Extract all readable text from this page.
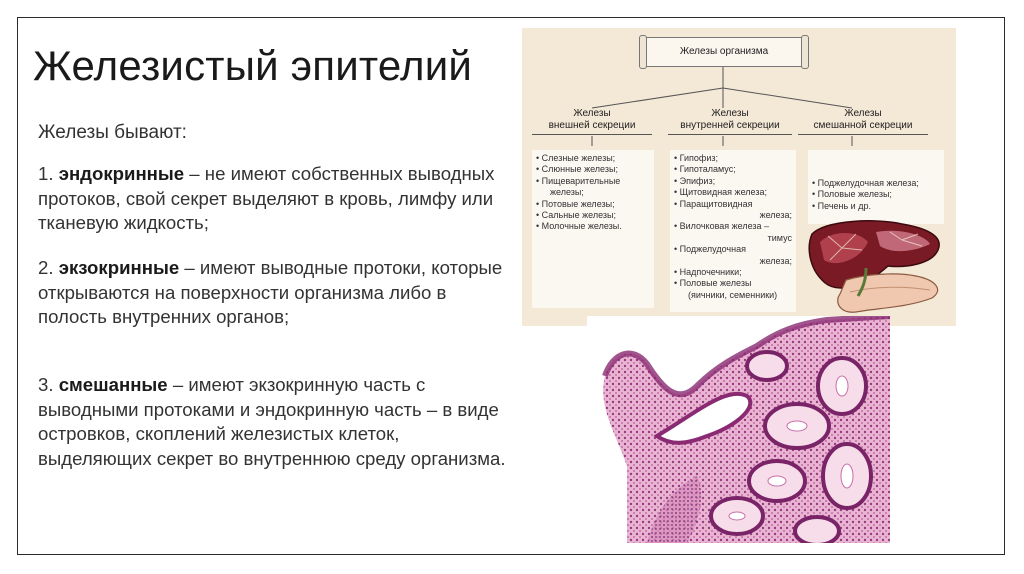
Железистый эпителий
Железы бывают:
1. эндокринные – не имеют собственных выводных протоков, свой секрет выделяют в кровь, лимфу или тканевую жидкость;
2. экзокринные – имеют выводные протоки, которые открываются на поверхности организма либо в полость внутренних органов;
3. смешанные – имеют экзокринную часть с выводными протоками и эндокринную часть – в виде островков, скоплений железистых клеток, выделяющих секрет во внутреннюю среду организма.
Железы организма
Железы
внешней секреции
Железы
внутренней секреции
Железы
смешанной секреции
• Слезные железы;
• Слюнные железы;
• Пищеварительные
железы;
• Потовые железы;
• Сальные железы;
• Молочные железы.
• Гипофиз;
• Гипоталамус;
• Эпифиз;
• Щитовидная железа;
• Паращитовидная
железа;
• Вилочковая железа –
тимус
• Поджелудочная
железа;
• Надпочечники;
• Половые железы
(яичники, семенники)
• Поджелудочная железа;
• Половые железы;
• Печень и др.
